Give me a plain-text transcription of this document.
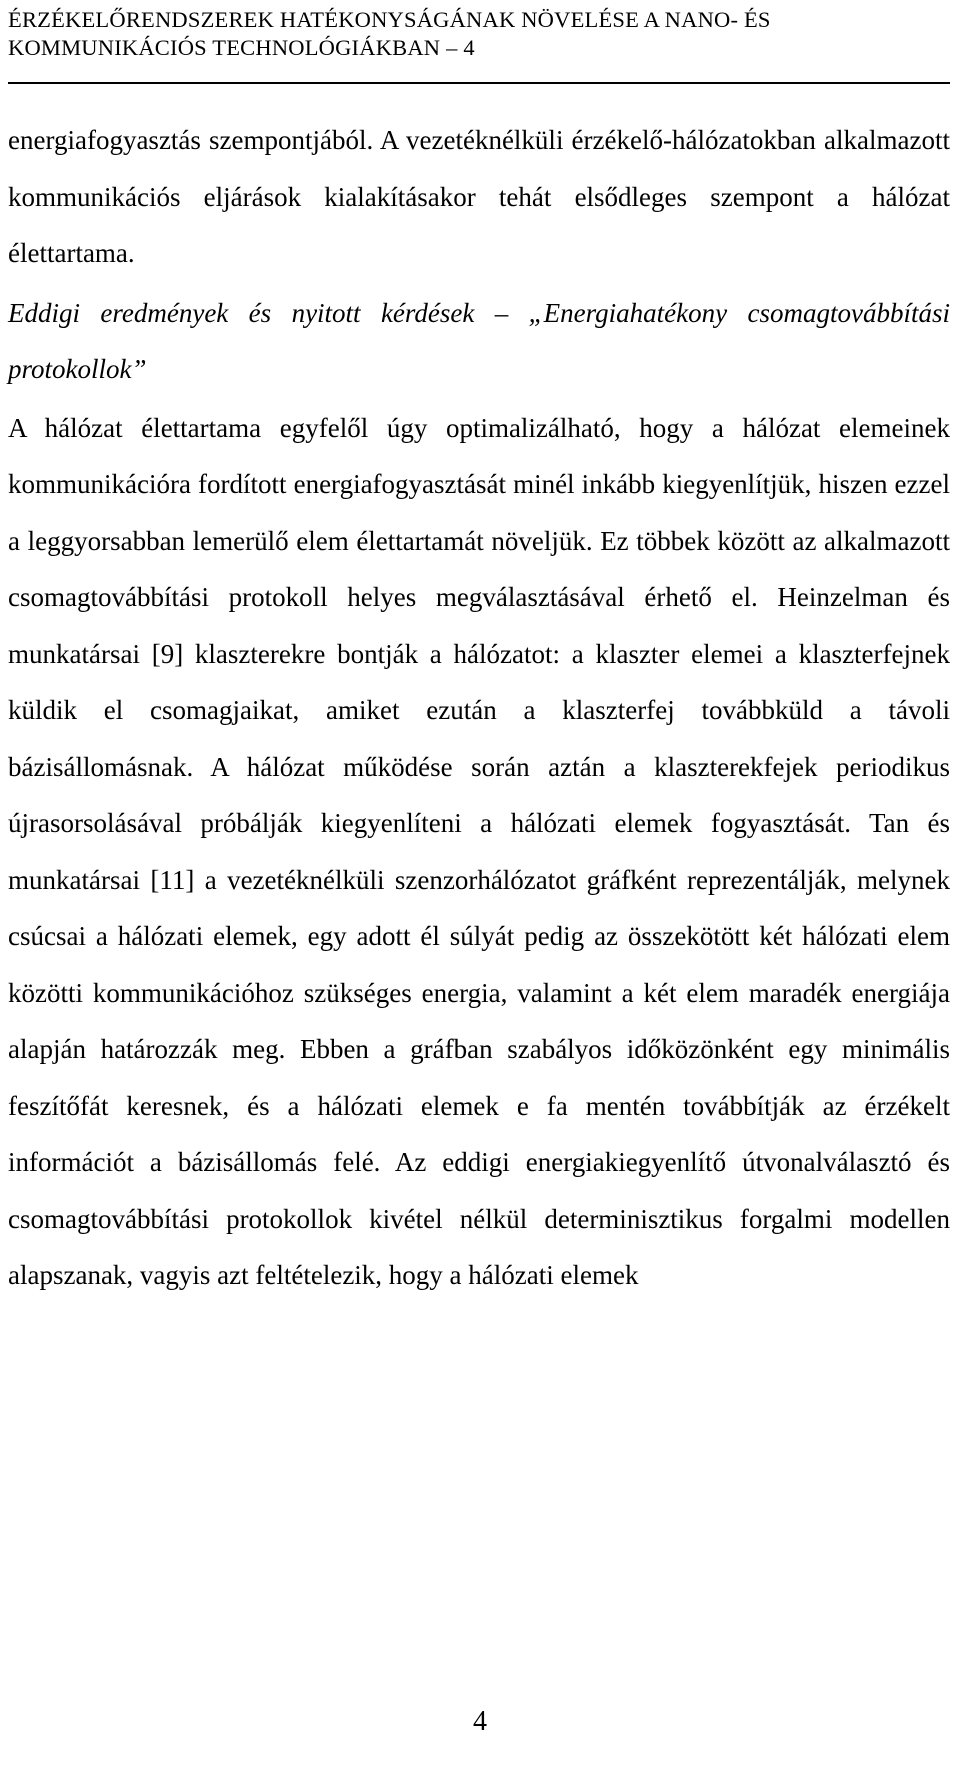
ÉRZÉKELŐRENDSZEREK HATÉKONYSÁGÁNAK NÖVELÉSE A NANO- ÉS
KOMMUNIKÁCIÓS TECHNOLÓGIÁKBAN – 4

energiafogyasztás szempontjából. A vezetéknélküli érzékelő-hálózatokban alkalmazott kommunikációs eljárások kialakításakor tehát elsődleges szempont a hálózat élettartama.

Eddigi eredmények és nyitott kérdések – „Energiahatékony csomagtovábbítási protokollok”

A hálózat élettartama egyfelől úgy optimalizálható, hogy a hálózat elemeinek kommunikációra fordított energiafogyasztását minél inkább kiegyenlítjük, hiszen ezzel a leggyorsabban lemerülő elem élettartamát növeljük. Ez többek között az alkalmazott csomagtovábbítási protokoll helyes megválasztásával érhető el. Heinzelman és munkatársai [9] klaszterekre bontják a hálózatot: a klaszter elemei a klaszterfejnek küldik el csomagjaikat, amiket ezután a klaszterfej továbbküld a távoli bázisállomásnak. A hálózat működése során aztán a klaszterekfejek periodikus újrasorsolásával próbálják kiegyenlíteni a hálózati elemek fogyasztását. Tan és munkatársai [11] a vezetéknélküli szenzorhálózatot gráfként reprezentálják, melynek csúcsai a hálózati elemek, egy adott él súlyát pedig az összekötött két hálózati elem közötti kommunikációhoz szükséges energia, valamint a két elem maradék energiája alapján határozzák meg. Ebben a gráfban szabályos időközönként egy minimális feszítőfát keresnek, és a hálózati elemek e fa mentén továbbítják az érzékelt információt a bázisállomás felé. Az eddigi energiakiegyenlítő útvonalválasztó és csomagtovábbítási protokollok kivétel nélkül determinisztikus forgalmi modellen alapszanak, vagyis azt feltételezik, hogy a hálózati elemek

4
